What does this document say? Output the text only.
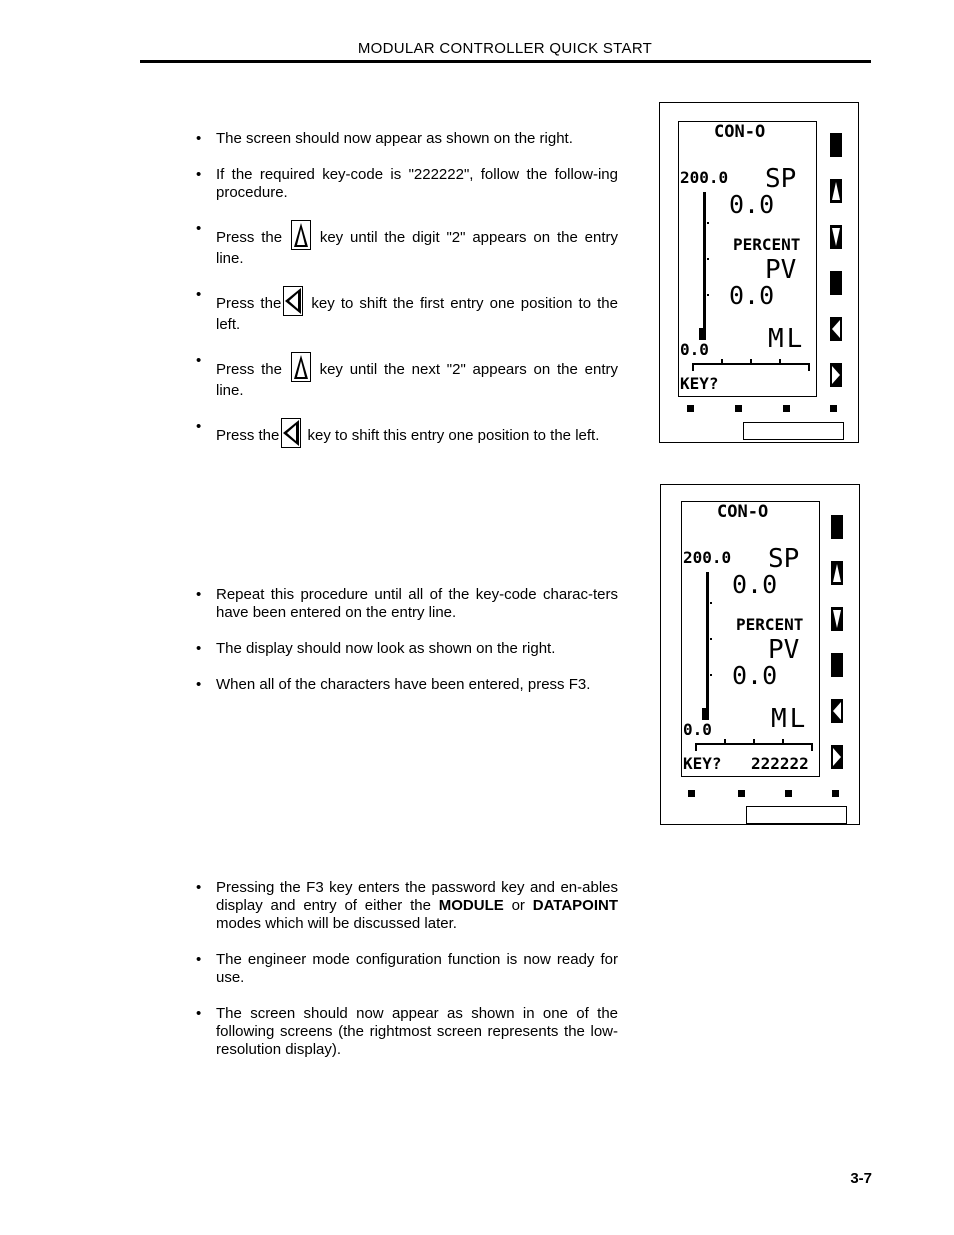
MODULAR CONTROLLER QUICK START
• The screen should now appear as shown on the right.
• If the required key-code is "222222", follow the follow-ing procedure.
•
Press the	key until the digit "2" appears on the entry line.
•
Press the key to shift the first entry one position to the left.
•
Press the	key until the next "2" appears on the entry line.
•
Press the key to shift this entry one position to the left.
• Repeat this procedure until all of the key-code charac-ters have been entered on the entry line.
• The display should now look as shown on the right.
• When all of the characters have been entered, press F3.
• Pressing the F3 key enters the password key and en-ables display and entry of either the MODULE or DATAPOINT modes which will be discussed later.
• The engineer mode configuration function is now ready for use.
• The screen should now appear as shown in one of the following screens (the rightmost screen represents the low-resolution display).
CON-O
200.0 SP
0.0
PERCENT
PV
0.0
0.0 ML
KEY?
CON-O
200.0 SP
0.0
PERCENT
PV
0.0
0.0 ML
KEY? 222222
3-7
